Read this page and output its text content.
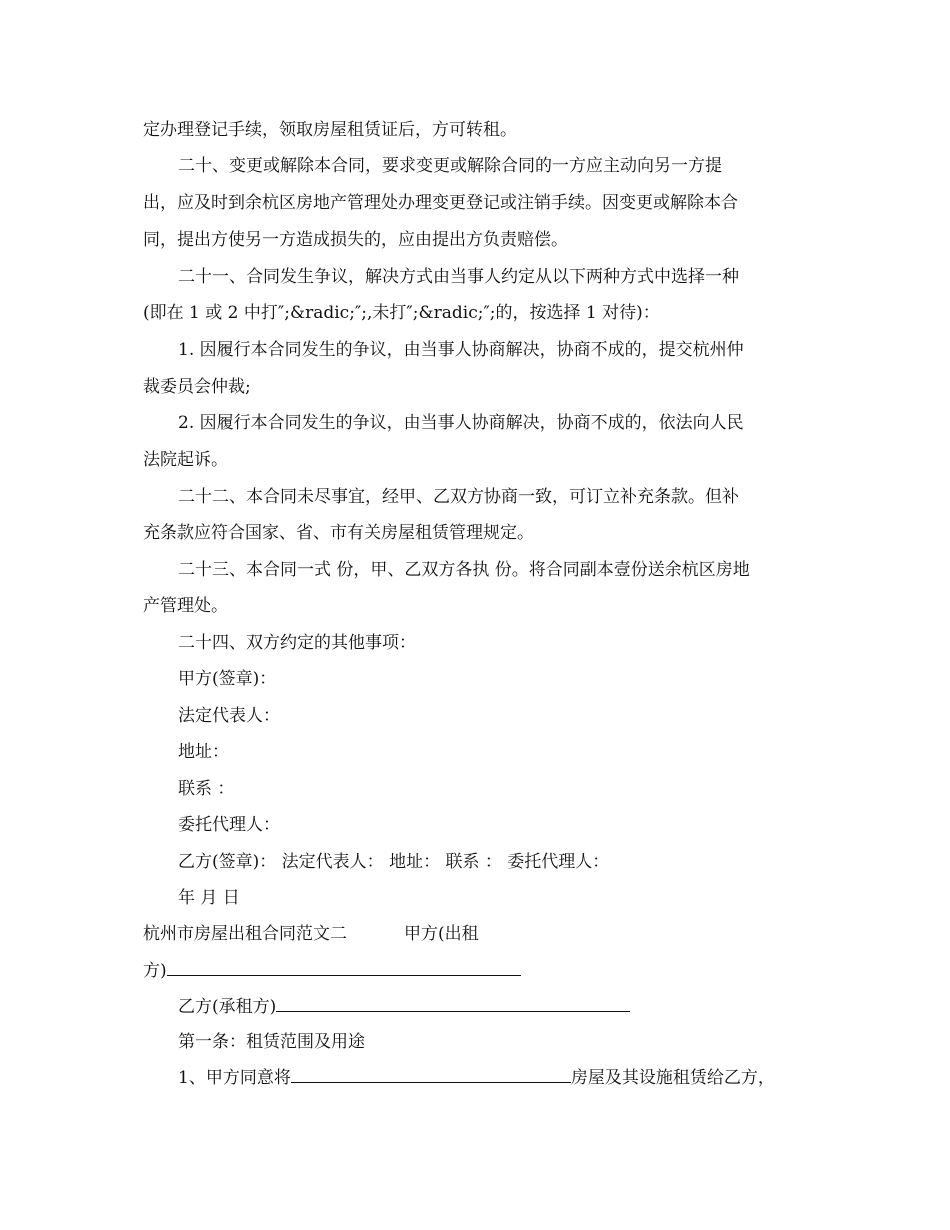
定办理登记手续，领取房屋租赁证后，方可转租。
二十、变更或解除本合同，要求变更或解除合同的一方应主动向另一方提
出，应及时到余杭区房地产管理处办理变更登记或注销手续。因变更或解除本合
同，提出方使另一方造成损失的，应由提出方负责赔偿。
二十一、合同发生争议，解决方式由当事人约定从以下两种方式中选择一种
(即在 1 或 2 中打″;&radic;″;,未打″;&radic;″;的，按选择 1 对待)：
1. 因履行本合同发生的争议，由当事人协商解决，协商不成的，提交杭州仲
裁委员会仲裁;
2. 因履行本合同发生的争议，由当事人协商解决，协商不成的，依法向人民
法院起诉。
二十二、本合同未尽事宜，经甲、乙双方协商一致，可订立补充条款。但补
充条款应符合国家、省、市有关房屋租赁管理规定。
二十三、本合同一式 份，甲、乙双方各执 份。将合同副本壹份送余杭区房地
产管理处。
二十四、双方约定的其他事项：
甲方(签章)：
法定代表人：
地址：
联系 ：
委托代理人：
乙方(签章)： 法定代表人： 地址： 联系 ： 委托代理人：
年 月 日
杭州市房屋出租合同范文二	甲方(出租
方)
乙方(承租方)
第一条：租赁范围及用途
1、甲方同意将	房屋及其设施租赁给乙方，
